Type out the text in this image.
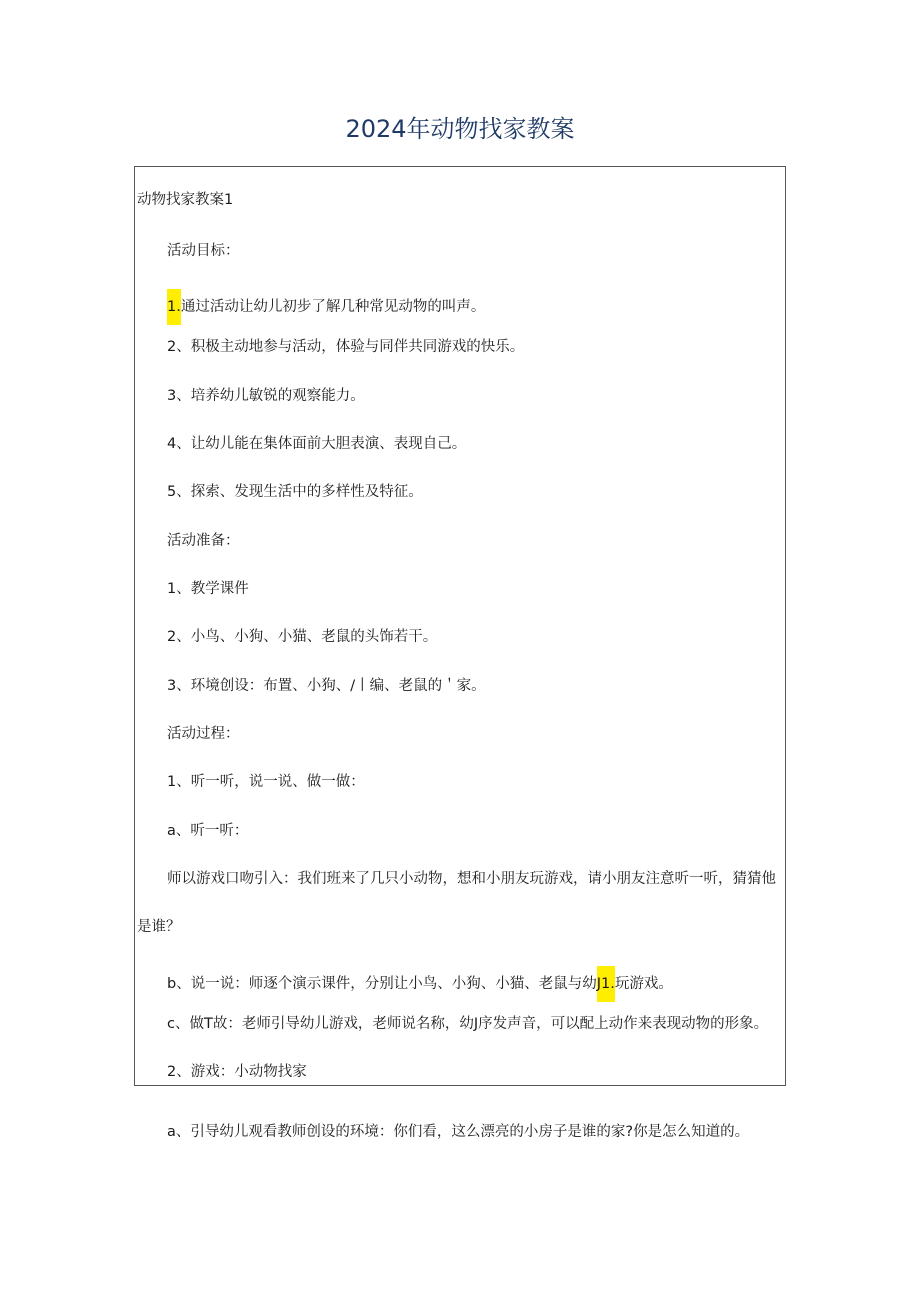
2024年动物找家教案
动物找家教案1
活动目标：
1.通过活动让幼儿初步了解几种常见动物的叫声。
2、积极主动地参与活动，体验与同伴共同游戏的快乐。
3、培养幼儿敏锐的观察能力。
4、让幼儿能在集体面前大胆表演、表现自己。
5、探索、发现生活中的多样性及特征。
活动准备：
1、教学课件
2、小鸟、小狗、小猫、老鼠的头饰若干。
3、环境创设：布置、小狗、/丨编、老鼠的＇家。
活动过程：
1、听一听，说一说、做一做：
a、听一听：
师以游戏口吻引入：我们班来了几只小动物，想和小朋友玩游戏，请小朋友注意听一听，猜猜他
是谁？
b、说一说：师逐个演示课件，分别让小鸟、小狗、小猫、老鼠与幼J1.玩游戏。
c、做T故：老师引导幼儿游戏，老师说名称，幼J序发声音，可以配上动作来表现动物的形象。
2、游戏：小动物找家
a、引导幼儿观看教师创设的环境：你们看，这么漂亮的小房子是谁的家?你是怎么知道的。
